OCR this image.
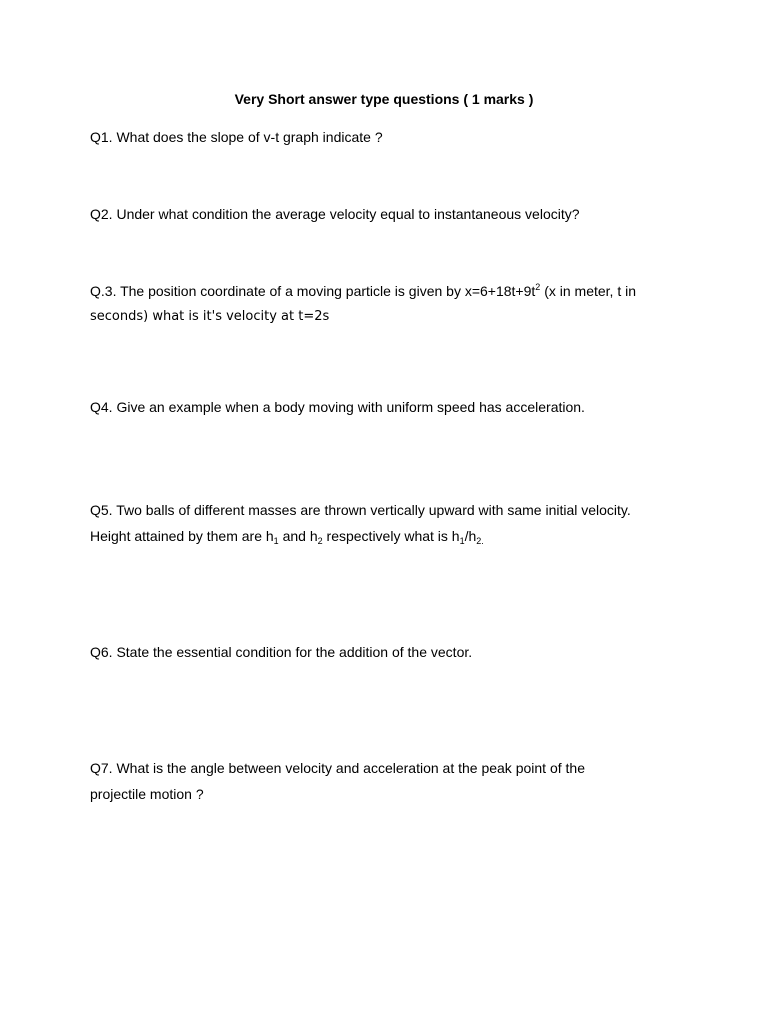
Very Short answer type questions ( 1 marks )
Q1. What does the slope of v-t graph indicate ?
Q2. Under what condition the average velocity equal to instantaneous velocity?
Q.3. The position coordinate of a moving particle is given by $x=6+18t+9t^2$ (x in meter, t in
seconds) what is it's velocity at t=2s
Q4. Give an example when a body moving with uniform speed has acceleration.
Q5. Two balls of different masses are thrown vertically upward with same initial velocity.
Height attained by them are $h_1$ and $h_2$ respectively what is $h_1/h_{2.}$
Q6. State the essential condition for the addition of the vector.
Q7. What is the angle between velocity and acceleration at the peak point of the
projectile motion ?
